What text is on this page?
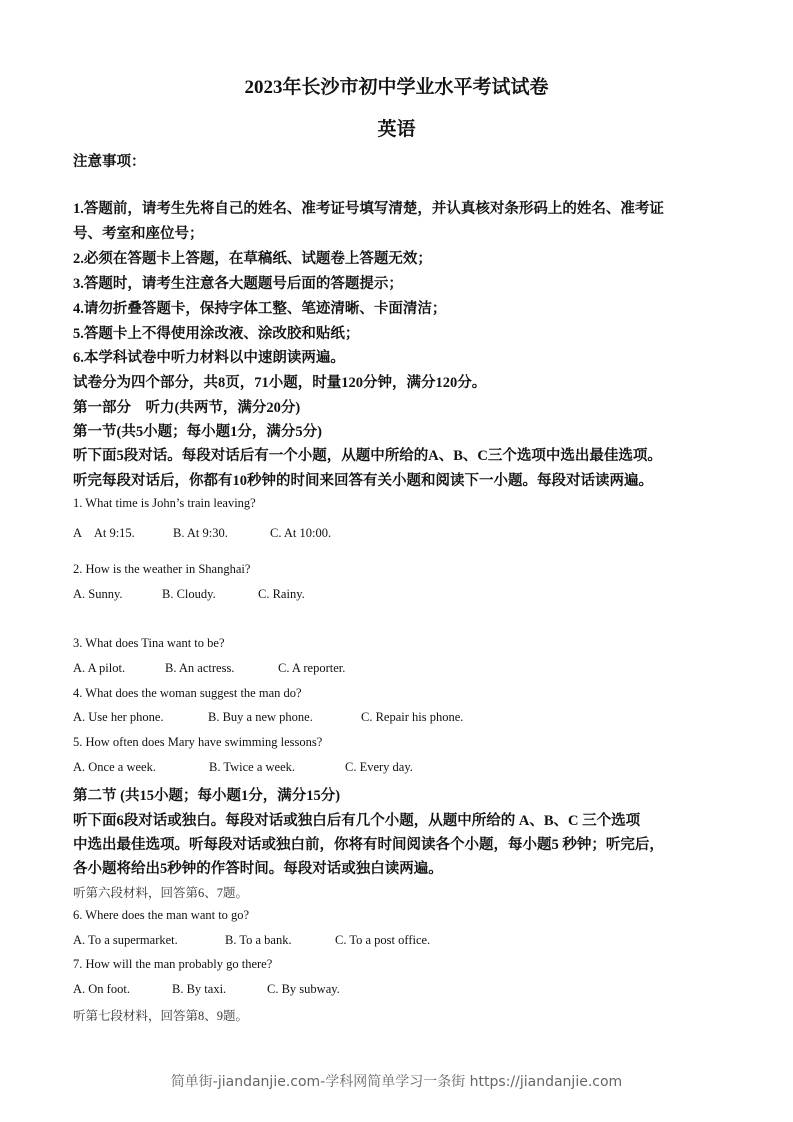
2023年长沙市初中学业水平考试试卷
英语
注意事项：
1.答题前，请考生先将自己的姓名、准考证号填写清楚，并认真核对条形码上的姓名、准考证
号、考室和座位号；
2.必须在答题卡上答题，在草稿纸、试题卷上答题无效；
3.答题时，请考生注意各大题题号后面的答题提示；
4.请勿折叠答题卡，保持字体工整、笔迹清晰、卡面清洁；
5.答题卡上不得使用涂改液、涂改胶和贴纸；
6.本学科试卷中听力材料以中速朗读两遍。
试卷分为四个部分，共8页，71小题，时量120分钟，满分120分。
第一部分　听力(共两节，满分20分)
第一节(共5小题；每小题1分，满分5分)
听下面5段对话。每段对话后有一个小题，从题中所给的A、B、C三个选项中选出最佳选项。
听完每段对话后，你都有10秒钟的时间来回答有关小题和阅读下一小题。每段对话读两遍。
1. What time is John’s train leaving?
A　At 9:15.	B. At 9:30.	C. At 10:00.
2. How is the weather in Shanghai?
A. Sunny.	B. Cloudy.	C. Rainy.
3. What does Tina want to be?
A. A pilot.	B. An actress.	C. A reporter.
4. What does the woman suggest the man do?
A. Use her phone.	B. Buy a new phone.	C. Repair his phone.
5. How often does Mary have swimming lessons?
A. Once a week.	B. Twice a week.	C. Every day.
第二节 (共15小题；每小题1分，满分15分)
听下面6段对话或独白。每段对话或独白后有几个小题，从题中所给的 A、B、C 三个选项
中选出最佳选项。听每段对话或独白前，你将有时间阅读各个小题，每小题5 秒钟；听完后，
各小题将给出5秒钟的作答时间。每段对话或独白读两遍。
听第六段材料，回答第6、7题。
6. Where does the man want to go?
A. To a supermarket.	B. To a bank.	C. To a post office.
7. How will the man probably go there?
A. On foot.	B. By taxi.	C. By subway.
听第七段材料，回答第8、9题。
简单街-jiandanjie.com-学科网简单学习一条街 https://jiandanjie.com
